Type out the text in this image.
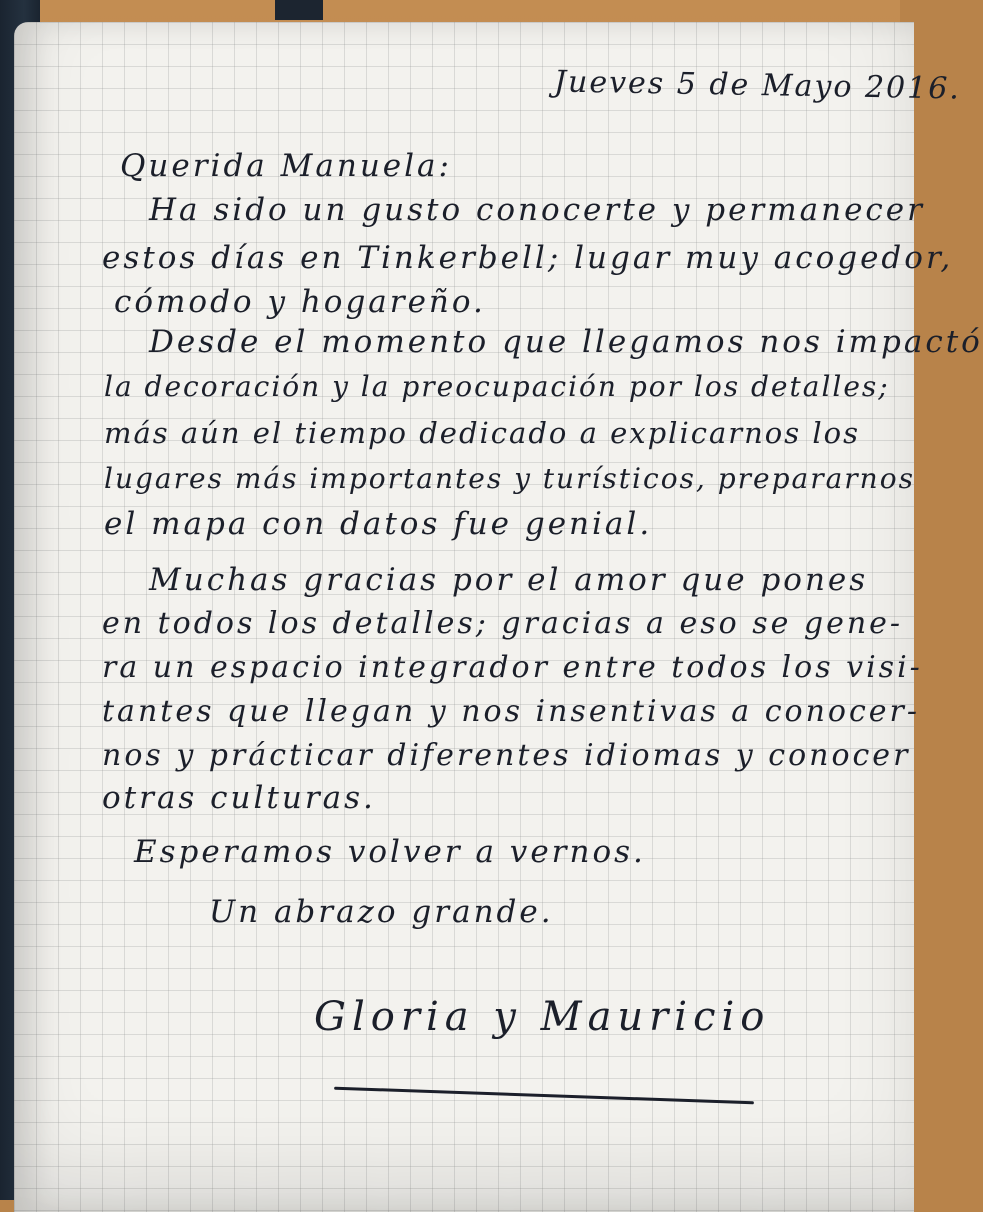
Jueves 5 de Mayo 2016.

Querida Manuela:

Ha sido un gusto conocerte y permanecer

estos días en Tinkerbell; lugar muy acogedor,

cómodo y hogareño.

Desde el momento que llegamos nos impactó

la decoración y la preocupación por los detalles;

más aún el tiempo dedicado a explicarnos los

lugares más importantes y turísticos, prepararnos

el mapa con datos fue genial.

Muchas gracias por el amor que pones

en todos los detalles; gracias a eso se gene-

ra un espacio integrador entre todos los visi-

tantes que llegan y nos insentivas a conocer-

nos y prácticar diferentes idiomas y conocer

otras culturas.

Esperamos volver a vernos.

Un abrazo grande.

Gloria y Mauricio
